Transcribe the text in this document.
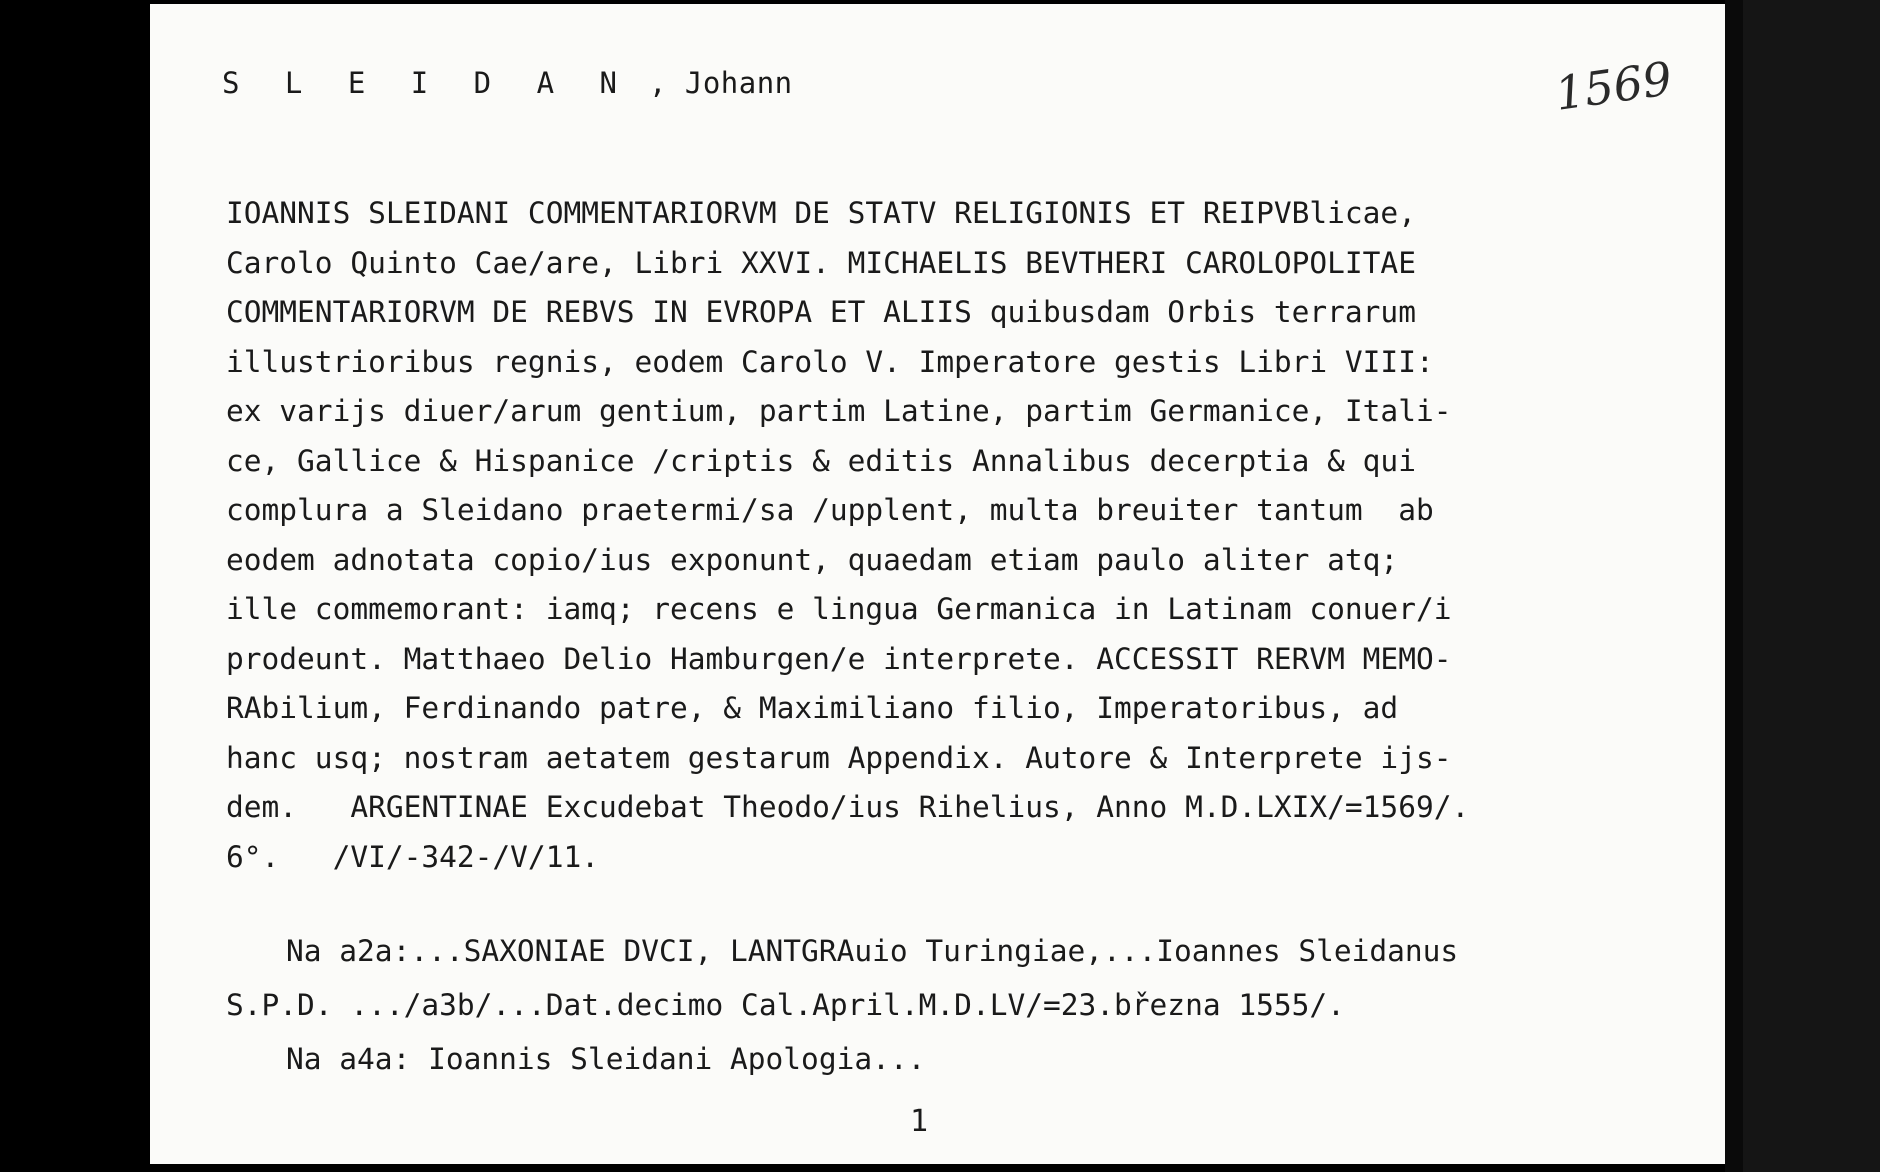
S L E I D A N , Johann	1569
IOANNIS SLEIDANI COMMENTARIORVM DE STATV RELIGIONIS ET REIPVBlicae,
Carolo Quinto Cae/are, Libri XXVI. MICHAELIS BEVTHERI CAROLOPOLITAE
COMMENTARIORVM DE REBVS IN EVROPA ET ALIIS quibusdam Orbis terrarum
illustrioribus regnis, eodem Carolo V. Imperatore gestis Libri VIII:
ex varijs diuer/arum gentium, partim Latine, partim Germanice, Itali-
ce, Gallice & Hispanice /criptis & editis Annalibus decerptia & qui
complura a Sleidano praetermi/sa /upplent, multa breuiter tantum  ab
eodem adnotata copio/ius exponunt, quaedam etiam paulo aliter atq;
ille commemorant: iamq; recens e lingua Germanica in Latinam conuer/i
prodeunt. Matthaeo Delio Hamburgen/e interprete. ACCESSIT RERVM MEMO-
RAbilium, Ferdinando patre, & Maximiliano filio, Imperatoribus, ad
hanc usq; nostram aetatem gestarum Appendix. Autore & Interprete ijs-
dem.   ARGENTINAE Excudebat Theodo/ius Rihelius, Anno M.D.LXIX/=1569/.
6°.   /VI/-342-/V/11.
Na a2a:...SAXONIAE DVCI, LANTGRAuio Turingiae,...Ioannes Sleidanus
S.P.D. .../a3b/...Dat.decimo Cal.April.M.D.LV/=23.března 1555/.
Na a4a: Ioannis Sleidani Apologia...
1
